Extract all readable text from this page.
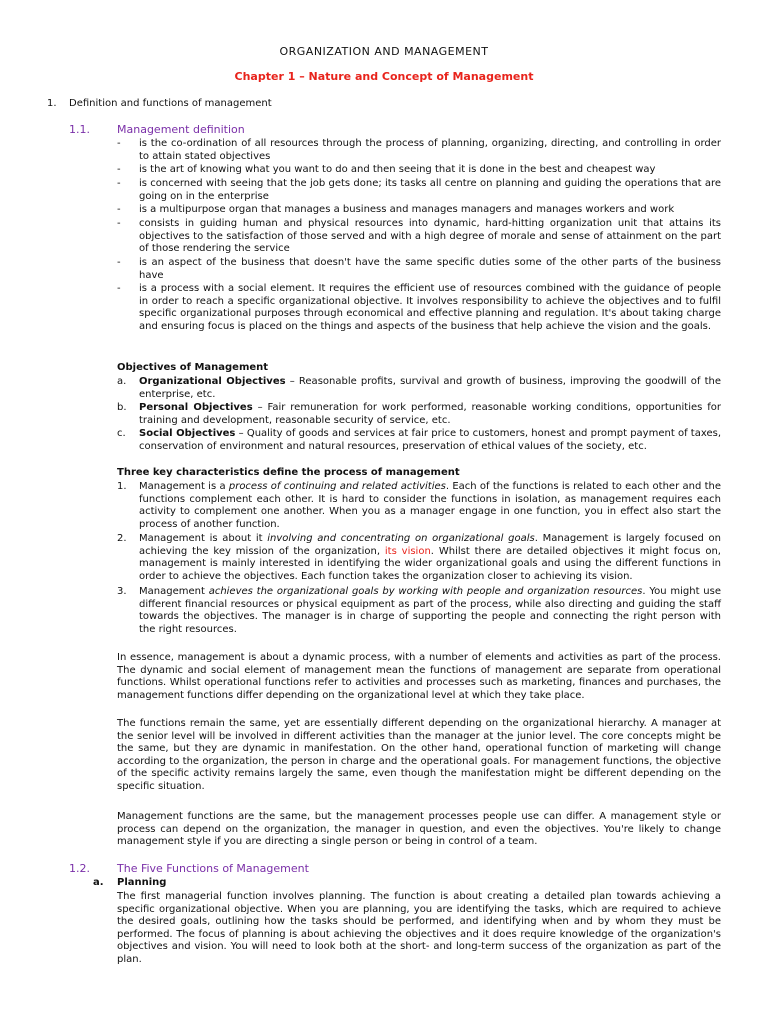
ORGANIZATION AND MANAGEMENT
Chapter 1 – Nature and Concept of Management
1. Definition and functions of management
1.1. Management definition
- is the co-ordination of all resources through the process of planning, organizing, directing, and controlling in order to attain stated objectives
- is the art of knowing what you want to do and then seeing that it is done in the best and cheapest way
- is concerned with seeing that the job gets done; its tasks all centre on planning and guiding the operations that are going on in the enterprise
- is a multipurpose organ that manages a business and manages managers and manages workers and work
- consists in guiding human and physical resources into dynamic, hard-hitting organization unit that attains its objectives to the satisfaction of those served and with a high degree of morale and sense of attainment on the part of those rendering the service
- is an aspect of the business that doesn't have the same specific duties some of the other parts of the business have
- is a process with a social element. It requires the efficient use of resources combined with the guidance of people in order to reach a specific organizational objective. It involves responsibility to achieve the objectives and to fulfil specific organizational purposes through economical and effective planning and regulation. It's about taking charge and ensuring focus is placed on the things and aspects of the business that help achieve the vision and the goals.
Objectives of Management
a. Organizational Objectives – Reasonable profits, survival and growth of business, improving the goodwill of the enterprise, etc.
b. Personal Objectives – Fair remuneration for work performed, reasonable working conditions, opportunities for training and development, reasonable security of service, etc.
c. Social Objectives – Quality of goods and services at fair price to customers, honest and prompt payment of taxes, conservation of environment and natural resources, preservation of ethical values of the society, etc.
Three key characteristics define the process of management
1. Management is a process of continuing and related activities. Each of the functions is related to each other and the functions complement each other. It is hard to consider the functions in isolation, as management requires each activity to complement one another. When you as a manager engage in one function, you in effect also start the process of another function.
2. Management is about it involving and concentrating on organizational goals. Management is largely focused on achieving the key mission of the organization, its vision. Whilst there are detailed objectives it might focus on, management is mainly interested in identifying the wider organizational goals and using the different functions in order to achieve the objectives. Each function takes the organization closer to achieving its vision.
3. Management achieves the organizational goals by working with people and organization resources. You might use different financial resources or physical equipment as part of the process, while also directing and guiding the staff towards the objectives. The manager is in charge of supporting the people and connecting the right person with the right resources.
In essence, management is about a dynamic process, with a number of elements and activities as part of the process. The dynamic and social element of management mean the functions of management are separate from operational functions. Whilst operational functions refer to activities and processes such as marketing, finances and purchases, the management functions differ depending on the organizational level at which they take place.
The functions remain the same, yet are essentially different depending on the organizational hierarchy. A manager at the senior level will be involved in different activities than the manager at the junior level. The core concepts might be the same, but they are dynamic in manifestation. On the other hand, operational function of marketing will change according to the organization, the person in charge and the operational goals. For management functions, the objective of the specific activity remains largely the same, even though the manifestation might be different depending on the specific situation.
Management functions are the same, but the management processes people use can differ. A management style or process can depend on the organization, the manager in question, and even the objectives. You're likely to change management style if you are directing a single person or being in control of a team.
1.2. The Five Functions of Management
a. Planning
The first managerial function involves planning. The function is about creating a detailed plan towards achieving a specific organizational objective. When you are planning, you are identifying the tasks, which are required to achieve the desired goals, outlining how the tasks should be performed, and identifying when and by whom they must be performed. The focus of planning is about achieving the objectives and it does require knowledge of the organization's objectives and vision. You will need to look both at the short- and long-term success of the organization as part of the plan.
